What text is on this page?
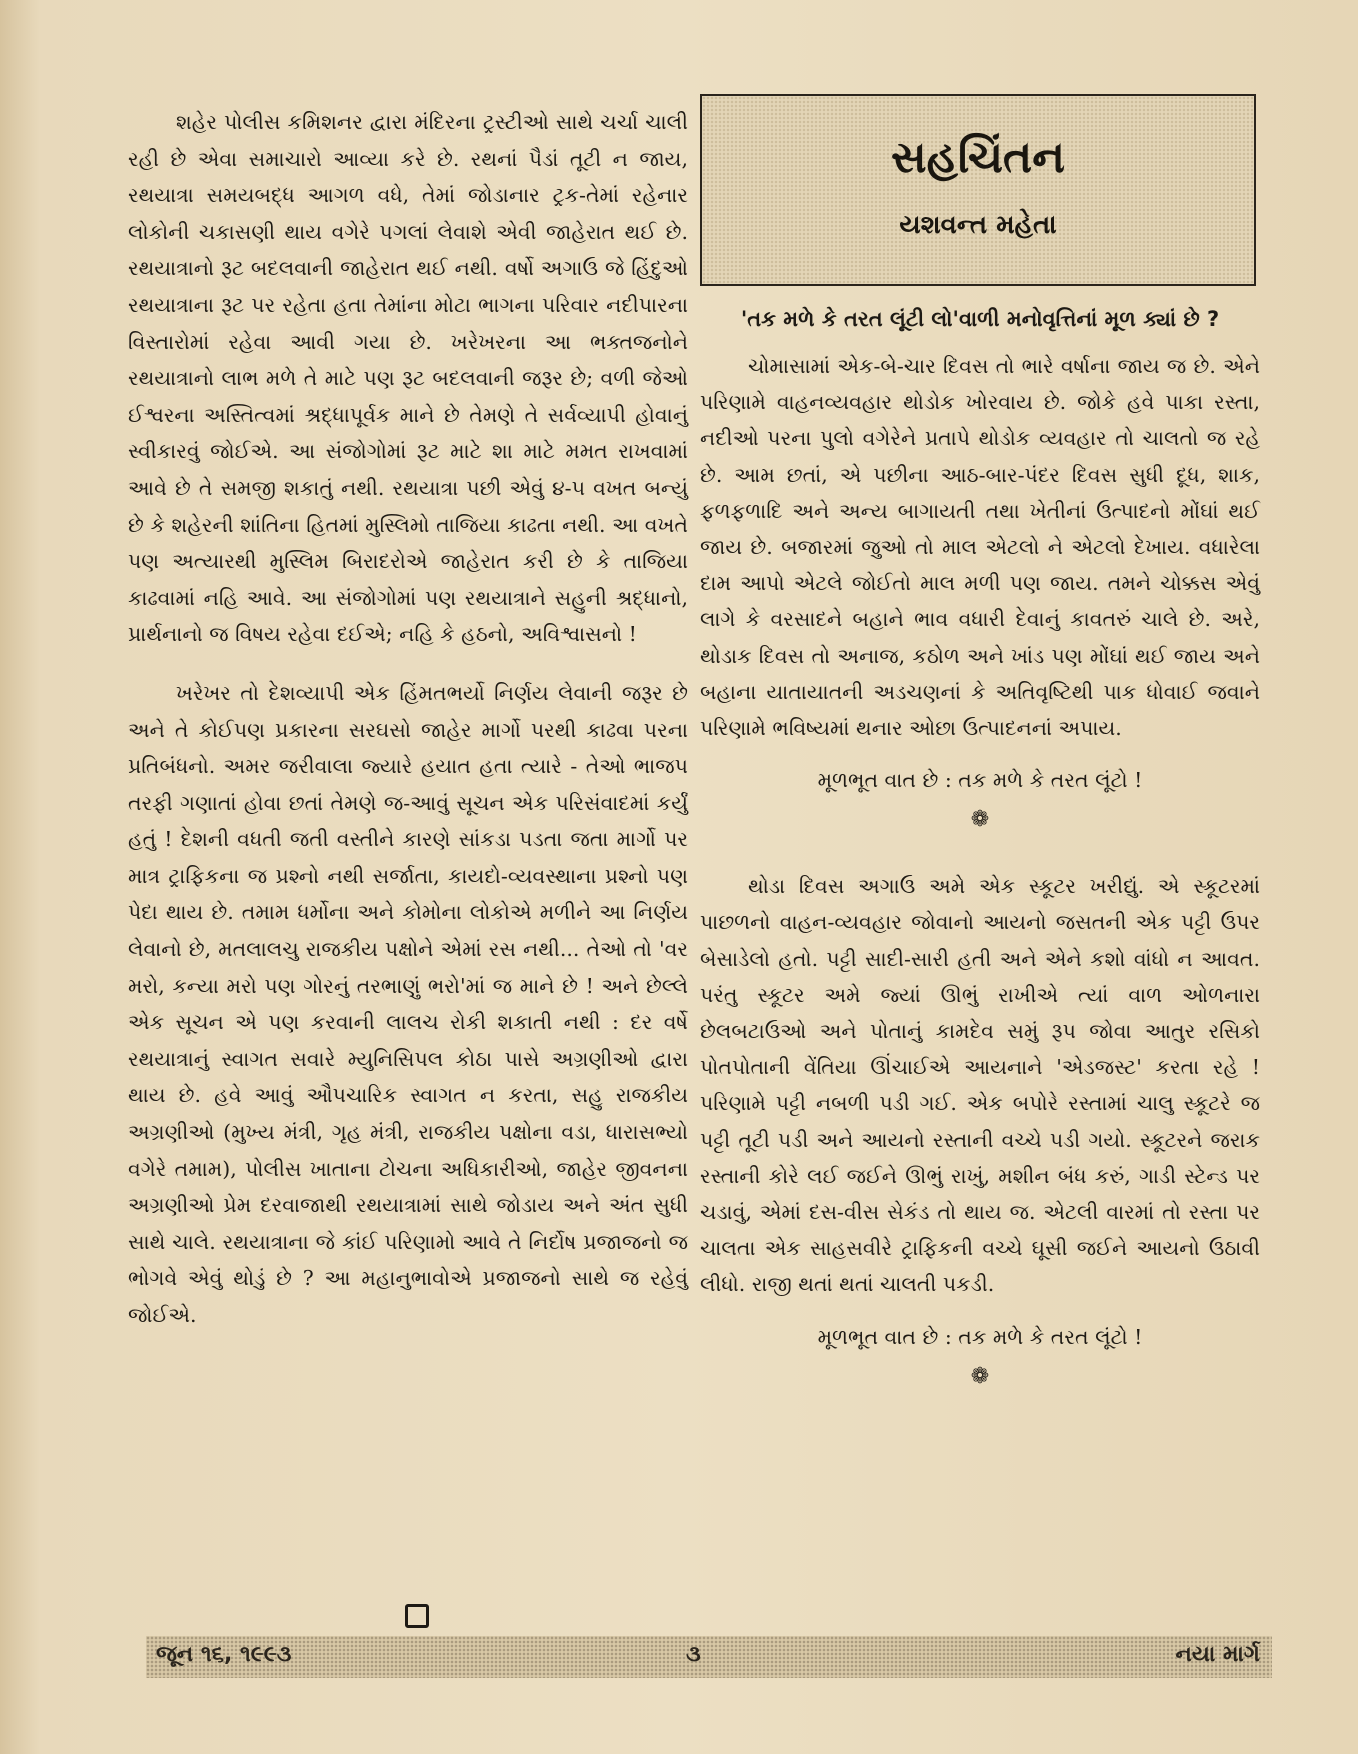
શહેર પોલીસ કમિશનર દ્વારા મંદિરના ટ્રસ્ટીઓ સાથે ચર્ચા ચાલી રહી છે એવા સમાચારો આવ્યા કરે છે. રથનાં પૈડાં તૂટી ન જાય, રથયાત્રા સમયબદ્ધ આગળ વધે, તેમાં જોડાનાર ટ્રક-તેમાં રહેનાર લોકોની ચકાસણી થાય વગેરે પગલાં લેવાશે એવી જાહેરાત થઈ છે. રથયાત્રાનો રૂટ બદલવાની જાહેરાત થઈ નથી. વર્ષો અગાઉ જે હિંદુઓ રથયાત્રાના રૂટ પર રહેતા હતા તેમાંના મોટા ભાગના પરિવાર નદીપારના વિસ્તારોમાં રહેવા આવી ગયા છે. ખરેખરના આ ભક્તજનોને રથયાત્રાનો લાભ મળે તે માટે પણ રૂટ બદલવાની જરૂર છે; વળી જેઓ ઈશ્વરના અસ્તિત્વમાં શ્રદ્ધાપૂર્વક માને છે તેમણે તે સર્વવ્યાપી હોવાનું સ્વીકારવું જોઈએ. આ સંજોગોમાં રૂટ માટે શા માટે મમત રાખવામાં આવે છે તે સમજી શકાતું નથી. રથયાત્રા પછી એવું ૪-૫ વખત બન્યું છે કે શહેરની શાંતિના હિતમાં મુસ્લિમો તાજિયા કાઢતા નથી. આ વખતે પણ અત્યારથી મુસ્લિમ બિરાદરોએ જાહેરાત કરી છે કે તાજિયા કાઢવામાં નહિ આવે. આ સંજોગોમાં પણ રથયાત્રાને સહુની શ્રદ્ધાનો, પ્રાર્થનાનો જ વિષય રહેવા દઈએ; નહિ કે હઠનો, અવિશ્વાસનો !

ખરેખર તો દેશવ્યાપી એક હિંમતભર્યો નિર્ણય લેવાની જરૂર છે અને તે કોઈપણ પ્રકારના સરઘસો જાહેર માર્ગો પરથી કાઢવા પરના પ્રતિબંધનો. અમર જરીવાલા જ્યારે હયાત હતા ત્યારે - તેઓ ભાજપ તરફી ગણાતાં હોવા છતાં તેમણે જ-આવું સૂચન એક પરિસંવાદમાં કર્યું હતું ! દેશની વધતી જતી વસ્તીને કારણે સાંકડા પડતા જતા માર્ગો પર માત્ર ટ્રાફિકના જ પ્રશ્નો નથી સર્જાતા, કાયદો-વ્યવસ્થાના પ્રશ્નો પણ પેદા થાય છે. તમામ ધર્મોના અને કોમોના લોકોએ મળીને આ નિર્ણય લેવાનો છે, મતલાલચુ રાજકીય પક્ષોને એમાં રસ નથી... તેઓ તો 'વર મરો, કન્યા મરો પણ ગોરનું તરભાણું ભરો'માં જ માને છે ! અને છેલ્લે એક સૂચન એ પણ કરવાની લાલચ રોકી શકાતી નથી : દર વર્ષે રથયાત્રાનું સ્વાગત સવારે મ્યુનિસિપલ કોઠા પાસે અગ્રણીઓ દ્વારા થાય છે. હવે આવું ઔપચારિક સ્વાગત ન કરતા, સહુ રાજકીય અગ્રણીઓ (મુખ્ય મંત્રી, ગૃહ મંત્રી, રાજકીય પક્ષોના વડા, ધારાસભ્યો વગેરે તમામ), પોલીસ ખાતાના ટોચના અધિકારીઓ, જાહેર જીવનના અગ્રણીઓ પ્રેમ દરવાજાથી રથયાત્રામાં સાથે જોડાય અને અંત સુધી સાથે ચાલે. રથયાત્રાના જે કાંઈ પરિણામો આવે તે નિર્દોષ પ્રજાજનો જ ભોગવે એવું થોડું છે ? આ મહાનુભાવોએ પ્રજાજનો સાથે જ રહેવું જોઈએ.

સહચિંતન
યશવન્ત મહેતા
'તક મળે કે તરત લૂંટી લો'વાળી મનોવૃત્તિનાં મૂળ ક્યાં છે ?

ચોમાસામાં એક-બે-ચાર દિવસ તો ભારે વર્ષાના જાય જ છે. એને પરિણામે વાહનવ્યવહાર થોડોક ખોરવાય છે. જોકે હવે પાકા રસ્તા, નદીઓ પરના પુલો વગેરેને પ્રતાપે થોડોક વ્યવહાર તો ચાલતો જ રહે છે. આમ છતાં, એ પછીના આઠ-બાર-પંદર દિવસ સુધી દૂધ, શાક, ફળફળાદિ અને અન્ય બાગાયતી તથા ખેતીનાં ઉત્પાદનો મોંઘાં થઈ જાય છે. બજારમાં જુઓ તો માલ એટલો ને એટલો દેખાય. વધારેલા દામ આપો એટલે જોઈતો માલ મળી પણ જાય. તમને ચોક્કસ એવું લાગે કે વરસાદને બહાને ભાવ વધારી દેવાનું કાવતરું ચાલે છે. અરે, થોડાક દિવસ તો અનાજ, કઠોળ અને ખાંડ પણ મોંઘાં થઈ જાય અને બહાના યાતાયાતની અડચણનાં કે અતિવૃષ્ટિથી પાક ધોવાઈ જવાને પરિણામે ભવિષ્યમાં થનાર ઓછા ઉત્પાદનનાં અપાય.

મૂળભૂત વાત છે : તક મળે કે તરત લૂંટો !
❁

થોડા દિવસ અગાઉ અમે એક સ્કૂટર ખરીદ્યું. એ સ્કૂટરમાં પાછળનો વાહન-વ્યવહાર જોવાનો આયનો જસતની એક પટ્ટી ઉપર બેસાડેલો હતો. પટ્ટી સાદી-સારી હતી અને એને કશો વાંધો ન આવત. પરંતુ સ્કૂટર અમે જ્યાં ઊભું રાખીએ ત્યાં વાળ ઓળનારા છેલબટાઉઓ અને પોતાનું કામદેવ સમું રૂપ જોવા આતુર રસિકો પોતપોતાની વેંતિયા ઊંચાઈએ આયનાને 'એડજસ્ટ' કરતા રહે ! પરિણામે પટ્ટી નબળી પડી ગઈ. એક બપોરે રસ્તામાં ચાલુ સ્કૂટરે જ પટ્ટી તૂટી પડી અને આયનો રસ્તાની વચ્ચે પડી ગયો. સ્કૂટરને જરાક રસ્તાની કોરે લઈ જઈને ઊભું રાખું, મશીન બંધ કરું, ગાડી સ્ટેન્ડ પર ચડાવું, એમાં દસ-વીસ સેકંડ તો થાય જ. એટલી વારમાં તો રસ્તા પર ચાલતા એક સાહસવીરે ટ્રાફિકની વચ્ચે ઘૂસી જઈને આયનો ઉઠાવી લીધો. રાજી થતાં થતાં ચાલતી પકડી.

મૂળભૂત વાત છે : તક મળે કે તરત લૂંટો !
❁
જૂન ૧૬, ૧૯૯૩	૩	નયા માર્ગ
